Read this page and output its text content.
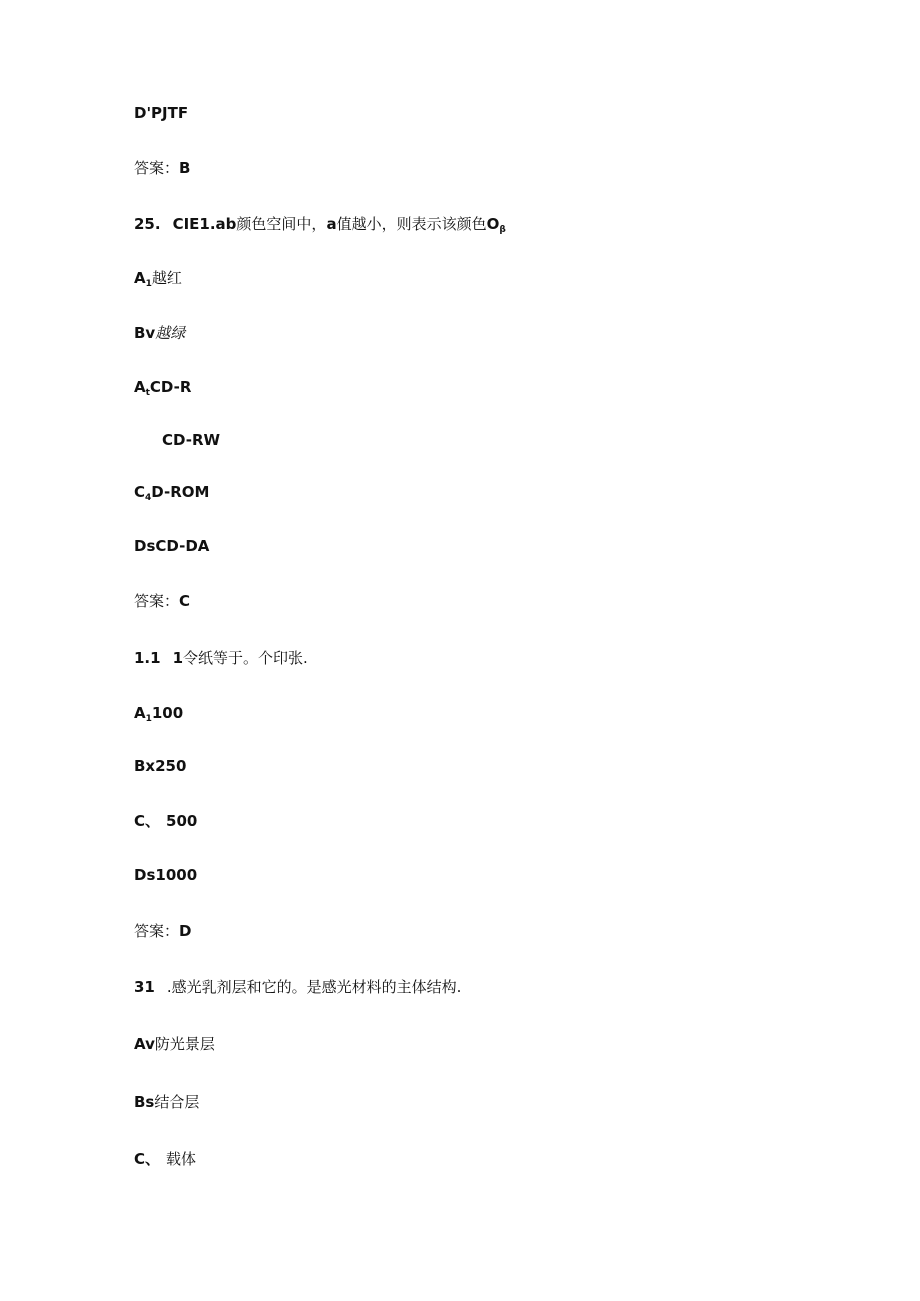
D'PJTF
答案：B
25. CIE1.ab颜色空间中，a值越小，则表示该颜色$O_\beta$
$A_1$越红
Bv越绿
$A_tCD-R$
CD-RW
$C_4D$-ROM
DsCD-DA
答案：C
1.1 1令纸等于。个印张.
$A_1100$
Bx250
C、 500
Ds1000
答案：D
31 .感光乳剂层和它的。是感光材料的主体结构.
Av防光景层
Bs结合层
C、 载体
